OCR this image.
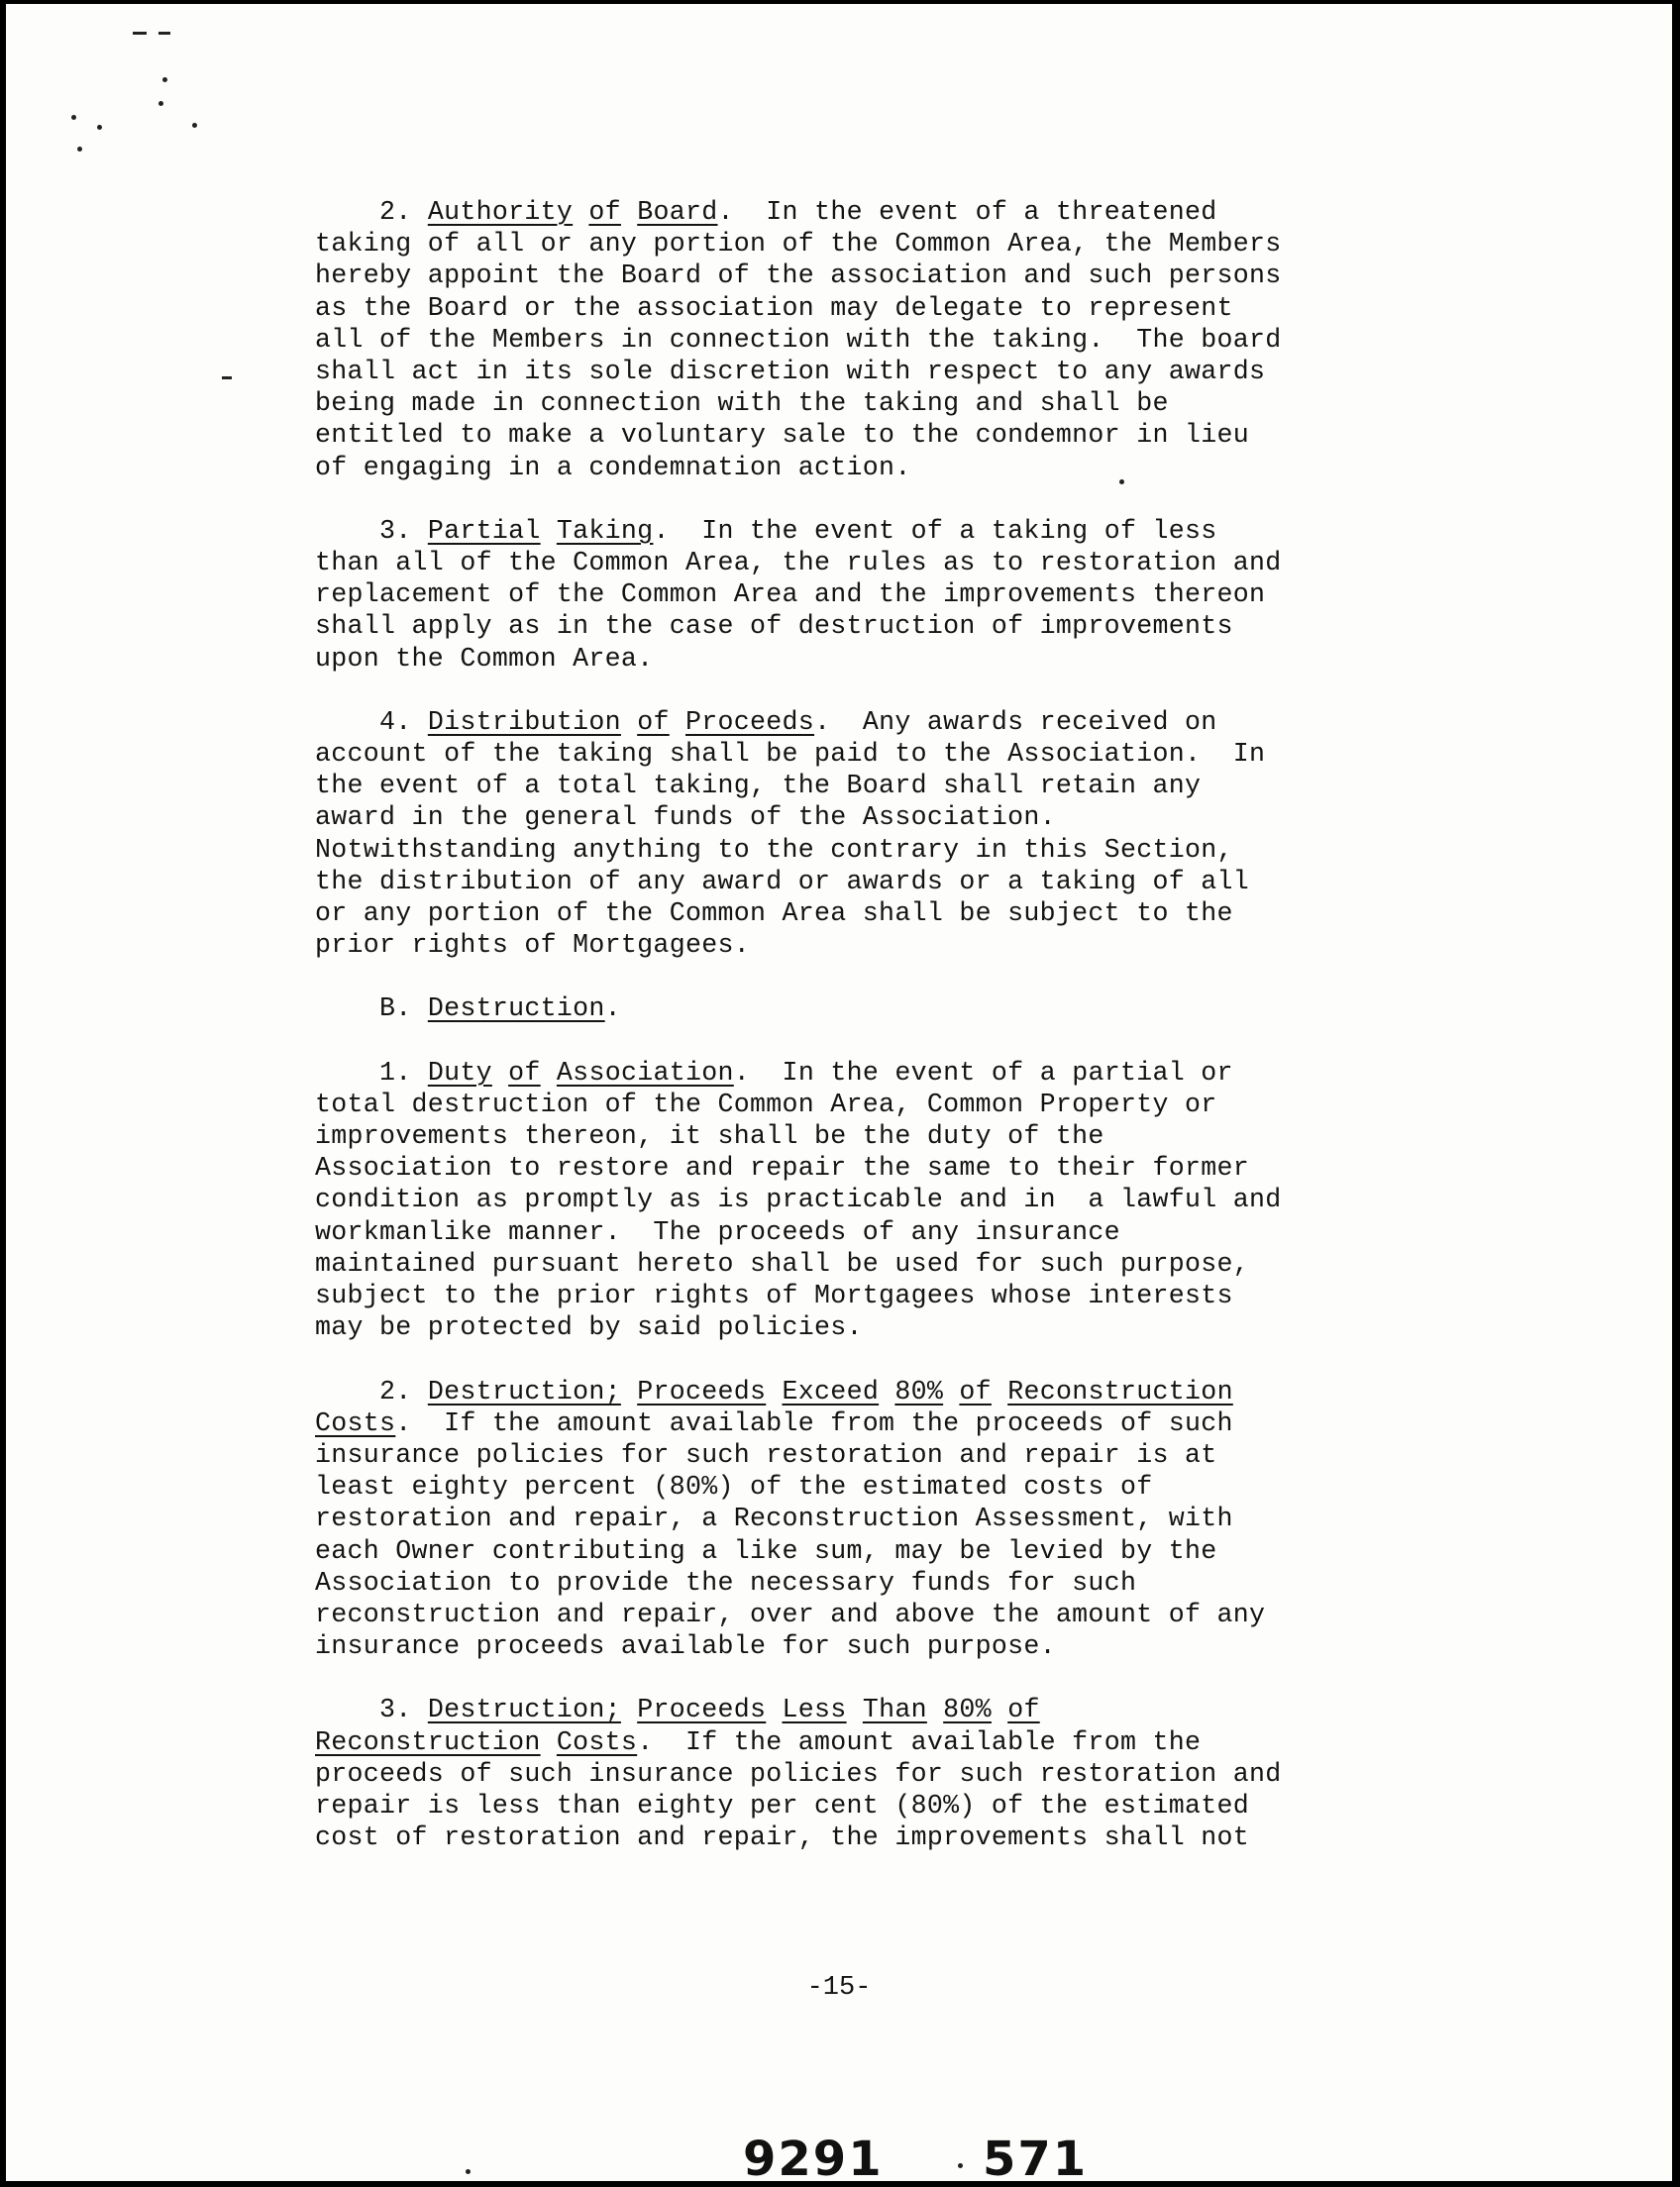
2. Authority of Board.  In the event of a threatened

taking of all or any portion of the Common Area, the Members

hereby appoint the Board of the association and such persons

as the Board or the association may delegate to represent

all of the Members in connection with the taking.  The board

shall act in its sole discretion with respect to any awards

being made in connection with the taking and shall be

entitled to make a voluntary sale to the condemnor in lieu

of engaging in a condemnation action.

3. Partial Taking.  In the event of a taking of less

than all of the Common Area, the rules as to restoration and

replacement of the Common Area and the improvements thereon

shall apply as in the case of destruction of improvements

upon the Common Area.

4. Distribution of Proceeds.  Any awards received on

account of the taking shall be paid to the Association.  In

the event of a total taking, the Board shall retain any

award in the general funds of the Association.

Notwithstanding anything to the contrary in this Section,

the distribution of any award or awards or a taking of all

or any portion of the Common Area shall be subject to the

prior rights of Mortgagees.

B. Destruction.

1. Duty of Association.  In the event of a partial or

total destruction of the Common Area, Common Property or

improvements thereon, it shall be the duty of the

Association to restore and repair the same to their former

condition as promptly as is practicable and in  a lawful and

workmanlike manner.  The proceeds of any insurance

maintained pursuant hereto shall be used for such purpose,

subject to the prior rights of Mortgagees whose interests

may be protected by said policies.

2. Destruction; Proceeds Exceed 80% of Reconstruction

Costs.  If the amount available from the proceeds of such

insurance policies for such restoration and repair is at

least eighty percent (80%) of the estimated costs of

restoration and repair, a Reconstruction Assessment, with

each Owner contributing a like sum, may be levied by the

Association to provide the necessary funds for such

reconstruction and repair, over and above the amount of any

insurance proceeds available for such purpose.

3. Destruction; Proceeds Less Than 80% of

Reconstruction Costs.  If the amount available from the

proceeds of such insurance policies for such restoration and

repair is less than eighty per cent (80%) of the estimated

cost of restoration and repair, the improvements shall not

-15-
9291 571
